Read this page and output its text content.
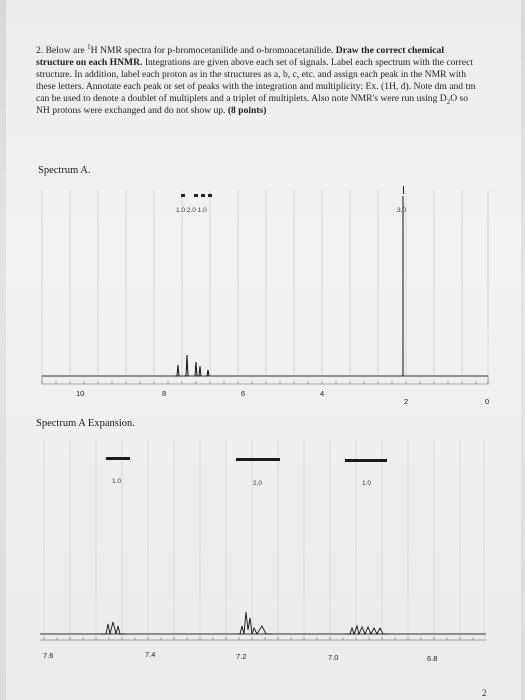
2. Below are $^1$H NMR spectra for p-bromocetanilide and o-bromoacetanilide. Draw the correct chemical structure on each HNMR. Integrations are given above each set of signals. Label each spectrum with the correct structure. In addition, label each proton as in the structures as a, b, c, etc. and assign each peak in the NMR with these letters. Annotate each peak or set of peaks with the integration and multiplicity: Ex. (1H, d). Note dm and tm can be used to denote a doublet of multiplets and a triplet of multiplets. Also note NMR's were run using $D_2O$ so NH protons were exchanged and do not show up. (8 points)
Spectrum A.
Spectrum A Expansion.
1.0 2.0 1.0	3.0
10	8	6	4
2	0
1.0	2.0	1.0
7.6	7.4	7.2	7.0	6.8
2
